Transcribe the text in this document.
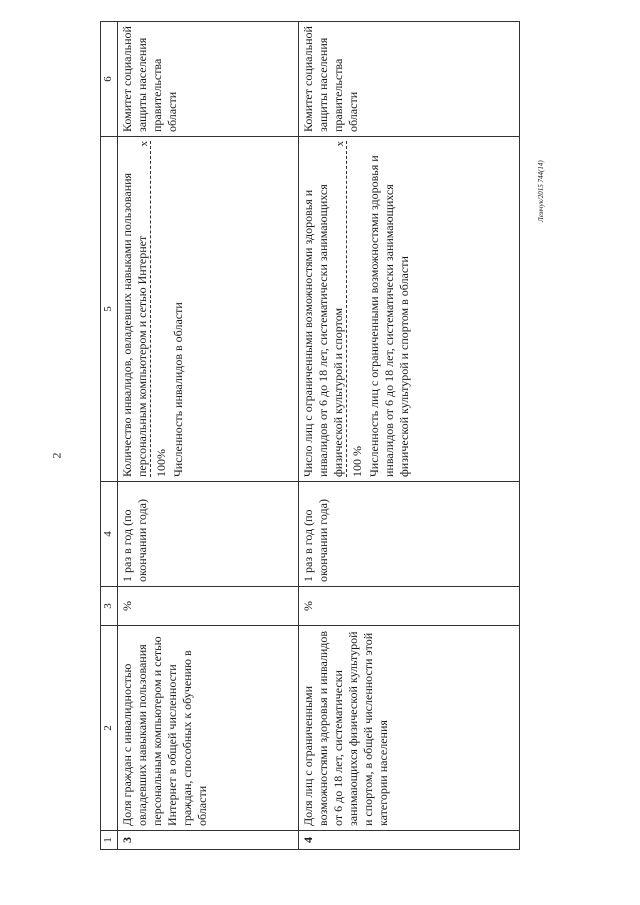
2
Лемчук/2015 744(14)
1	2	3	4	5	6
3	Доля граждан с инвалидностью овладевших навыками пользования персональным компьютером и сетью Интернет в общей численности граждан, способных к обучению в области	%	1 раз в год (по окончании года)	Количество инвалидов, овладевших навыками пользования персональным компьютером и сетью Интернет
x
100% Численность инвалидов в области	Комитет социальной защиты населения правительства области
4	Доля лиц с ограниченными возможностями здоровья и инвалидов от 6 до 18 лет, систематически занимающихся физической культурой и спортом, в общей численности этой категории населения	%	1 раз в год (по окончании года)	Число лиц с ограниченными возможностями здоровья и инвалидов от 6 до 18 лет, систематически занимающихся физической культурой и спортом
x
100 % Численность лиц с ограниченными возможностями здоровья и инвалидов от 6 до 18 лет, систематически занимающихся физической культурой и спортом в области	Комитет социальной защиты населения правительства области
